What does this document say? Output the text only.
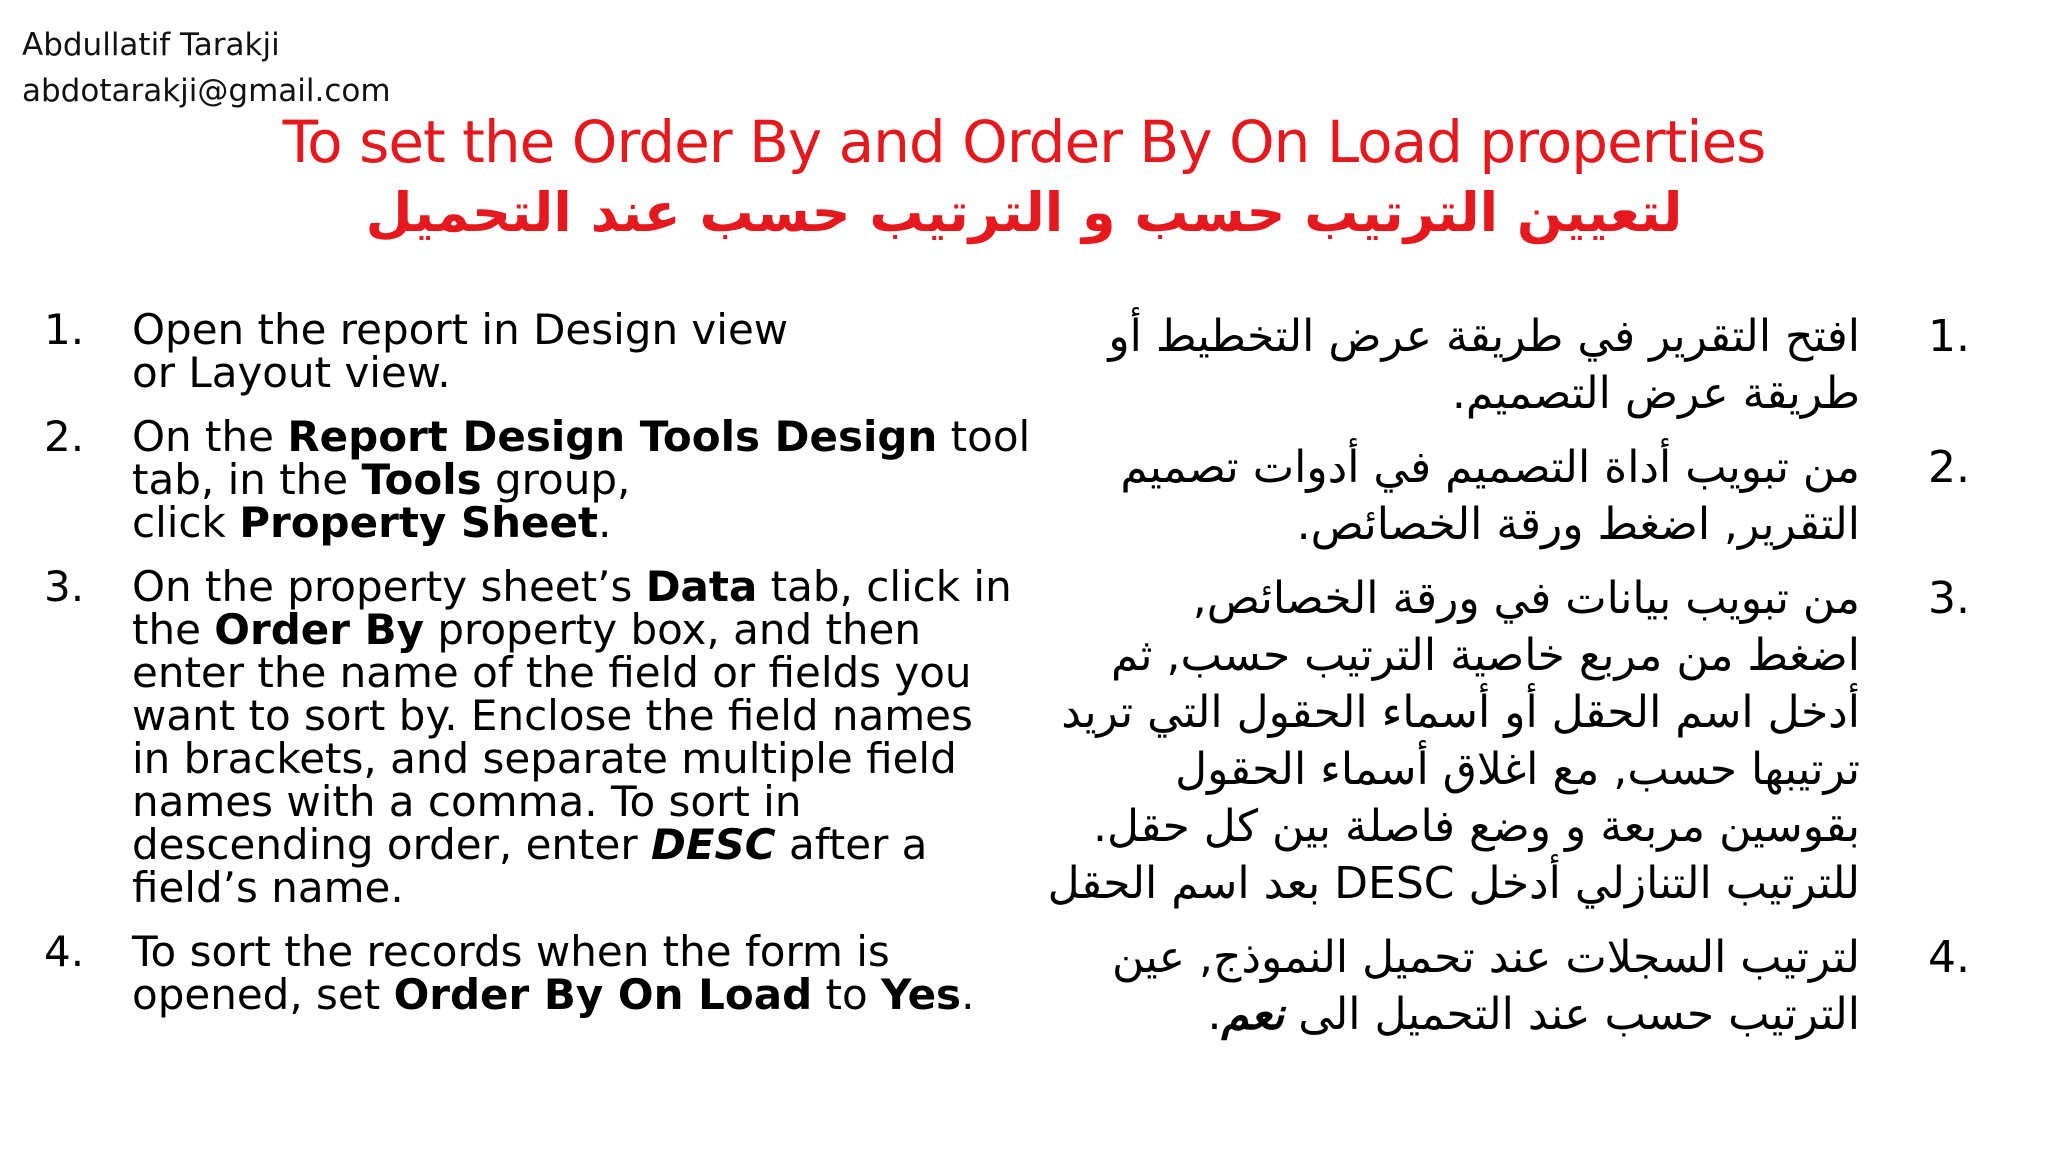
Abdullatif Tarakji
abdotarakji@gmail.com
To set the Order By and Order By On Load properties
لتعيين الترتيب حسب و الترتيب حسب عند التحميل
1. Open the report in Design view
or Layout view.
2. On the Report Design Tools Design tool
tab, in the Tools group,
click Property Sheet.
3. On the property sheet’s Data tab, click in
the Order By property box, and then
enter the name of the field or fields you
want to sort by. Enclose the field names
in brackets, and separate multiple field
names with a comma. To sort in
descending order, enter DESC after a
field’s name.
4. To sort the records when the form is
opened, set Order By On Load to Yes.
1.
افتح التقرير في طريقة عرض التخطيط أو
طريقة عرض التصميم.
2.
من تبويب أداة التصميم في أدوات تصميم
التقرير, اضغط ورقة الخصائص.
3.
من تبويب بيانات في ورقة الخصائص,
اضغط من مربع خاصية الترتيب حسب, ثم
أدخل اسم الحقل أو أسماء الحقول التي تريد
ترتيبها حسب, مع اغلاق أسماء الحقول
بقوسين مربعة و وضع فاصلة بين كل حقل.
للترتيب التنازلي أدخل DESC بعد اسم الحقل
4.
لترتيب السجلات عند تحميل النموذج, عين
الترتيب حسب عند التحميل الى نعم.
